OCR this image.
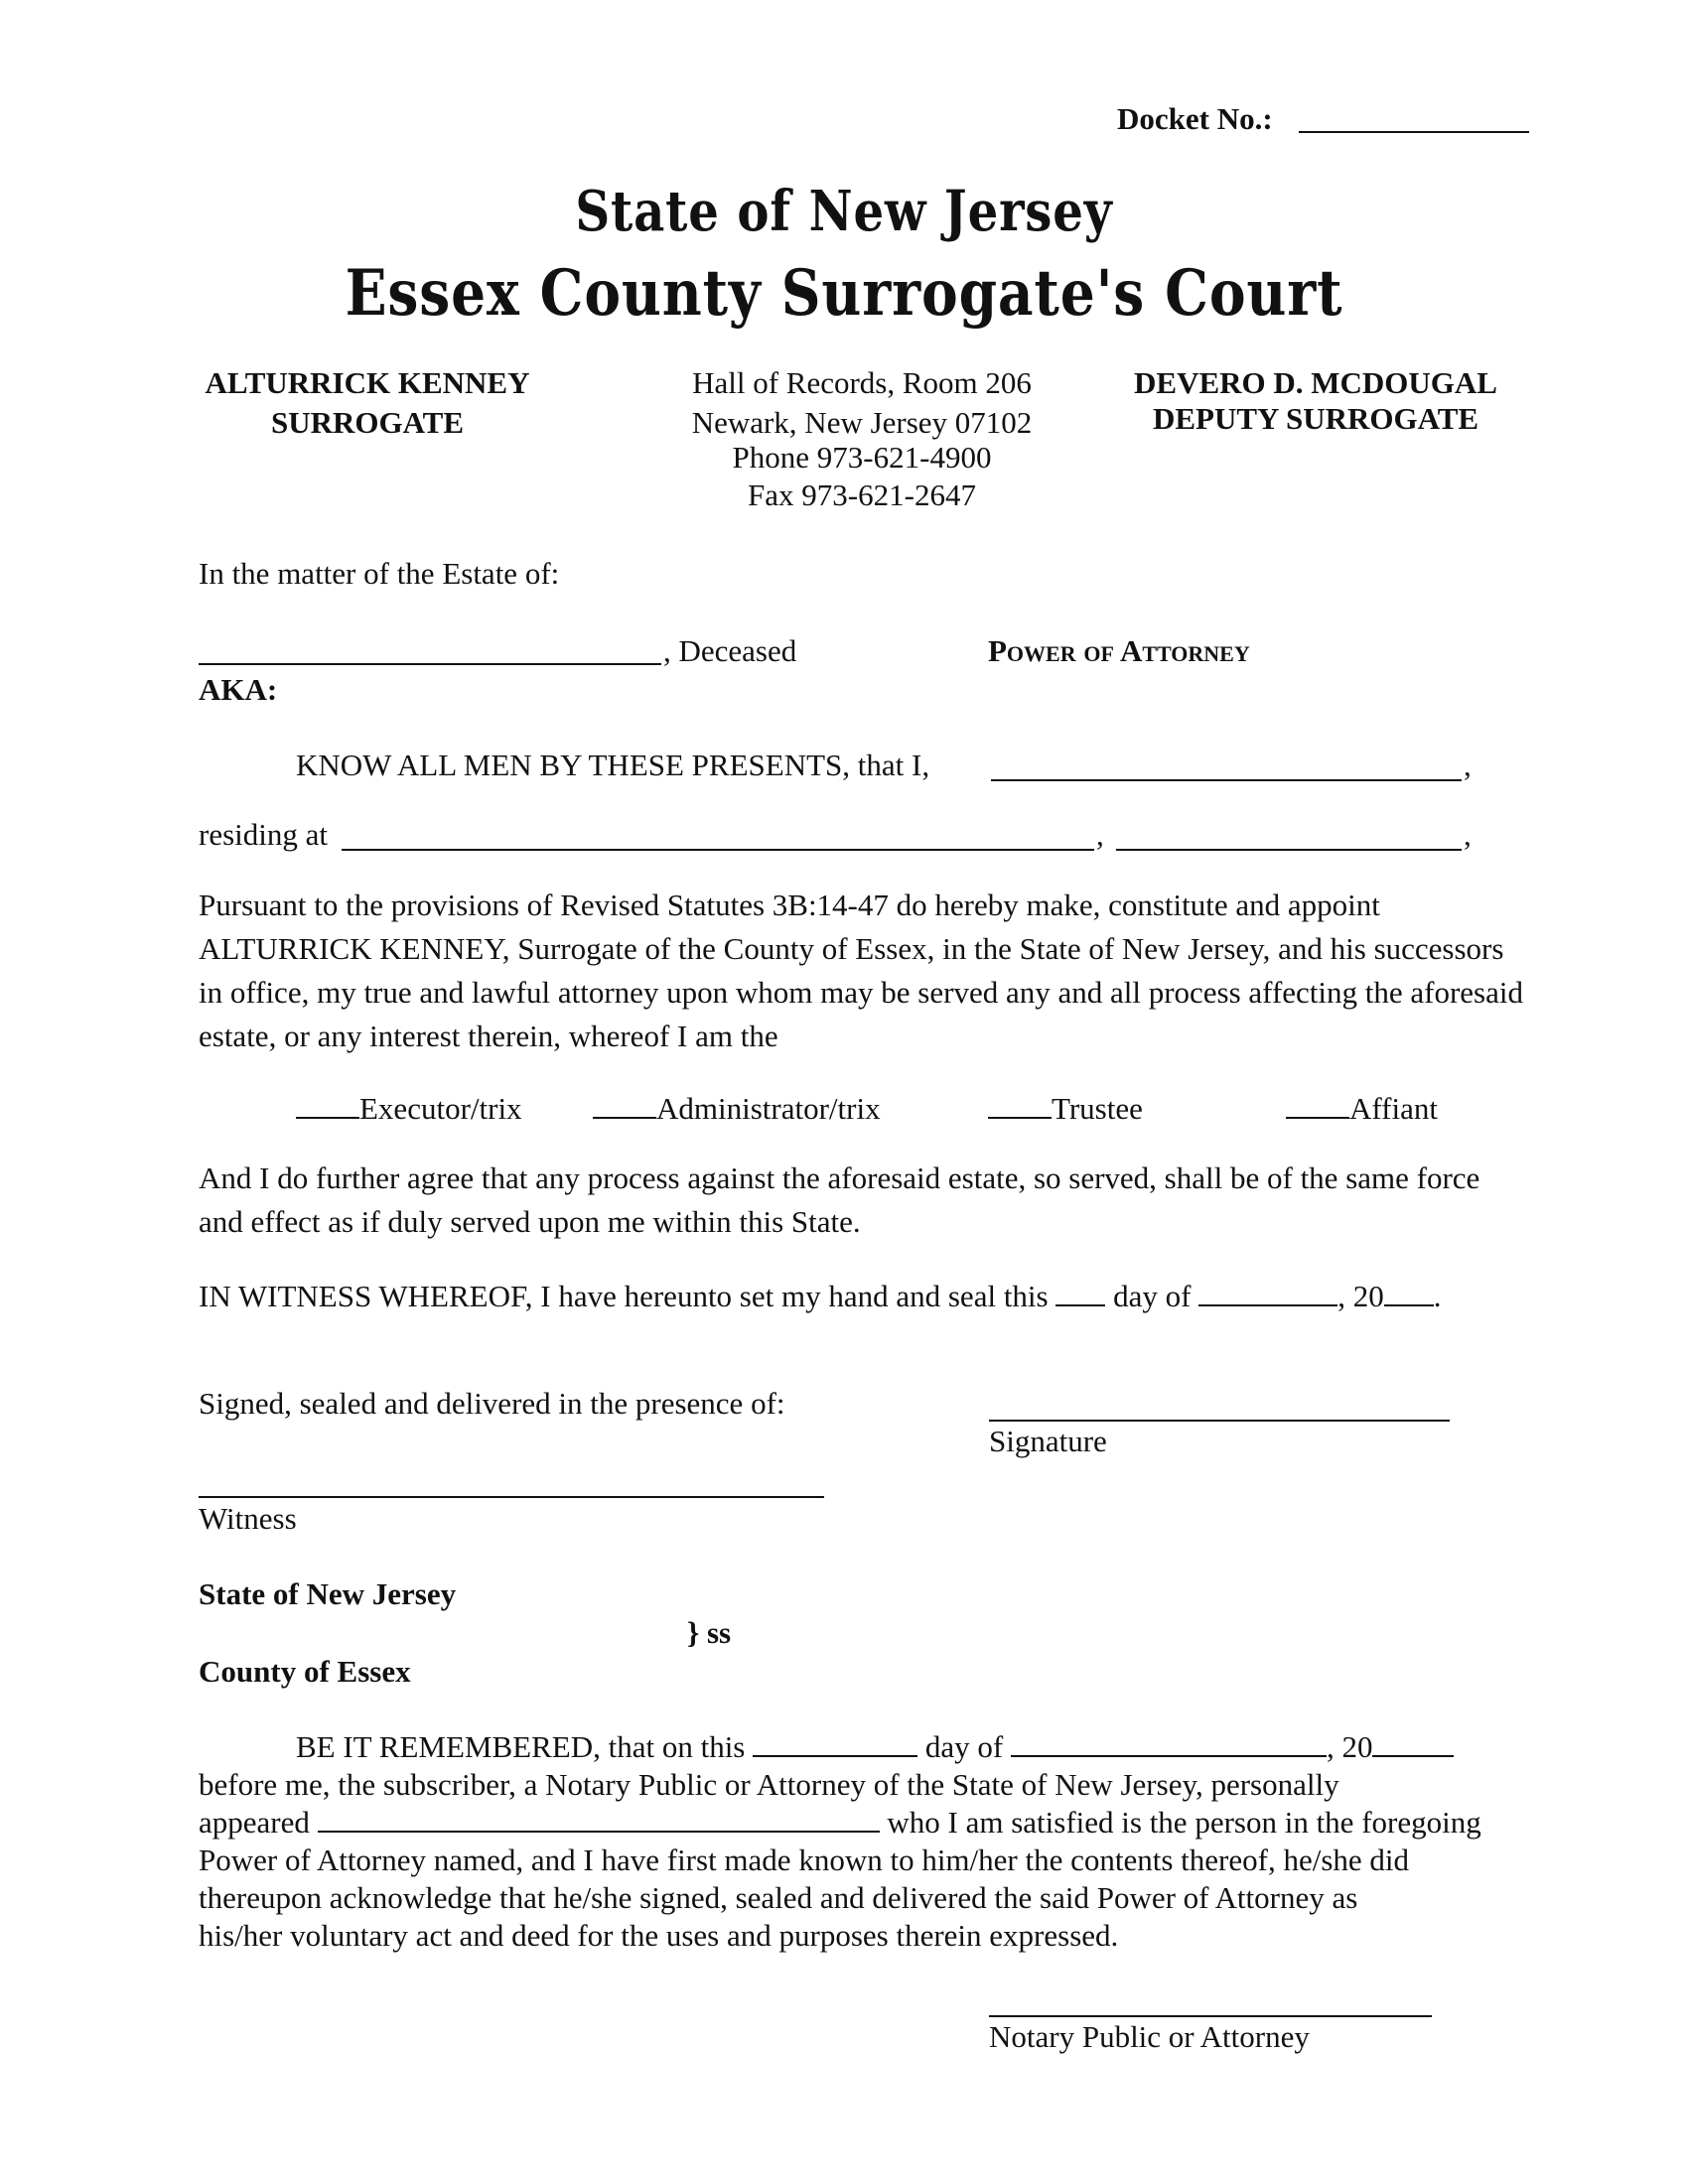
Docket No.:
State of New Jersey
Essex County Surrogate's Court
ALTURRICK KENNEY
SURROGATE
Hall of Records, Room 206
Newark, New Jersey 07102
Phone 973-621-4900
Fax 973-621-2647
DEVERO D. MCDOUGAL
DEPUTY SURROGATE
In the matter of the Estate of:
, Deceased	Power of Attorney
AKA:
KNOW ALL MEN BY THESE PRESENTS, that I,	,
residing at	,	,
Pursuant to the provisions of Revised Statutes 3B:14-47 do hereby make, constitute and appoint ALTURRICK KENNEY, Surrogate of the County of Essex, in the State of New Jersey, and his successors in office, my true and lawful attorney upon whom may be served any and all process affecting the aforesaid estate, or any interest therein, whereof I am the
Executor/trix	Administrator/trix	Trustee	Affiant
And I do further agree that any process against the aforesaid estate, so served, shall be of the same force and effect as if duly served upon me within this State.
IN WITNESS WHEREOF, I have hereunto set my hand and seal this day of	, 20 .
Signed, sealed and delivered in the presence of:
Signature
Witness
State of New Jersey
} ss
County of Essex
BE IT REMEMBERED, that on this	day of	, 20
before me, the subscriber, a Notary Public or Attorney of the State of New Jersey, personally
appeared	who I am satisfied is the person in the foregoing
Power of Attorney named, and I have first made known to him/her the contents thereof, he/she did
thereupon acknowledge that he/she signed, sealed and delivered the said Power of Attorney as
his/her voluntary act and deed for the uses and purposes therein expressed.
Notary Public or Attorney
